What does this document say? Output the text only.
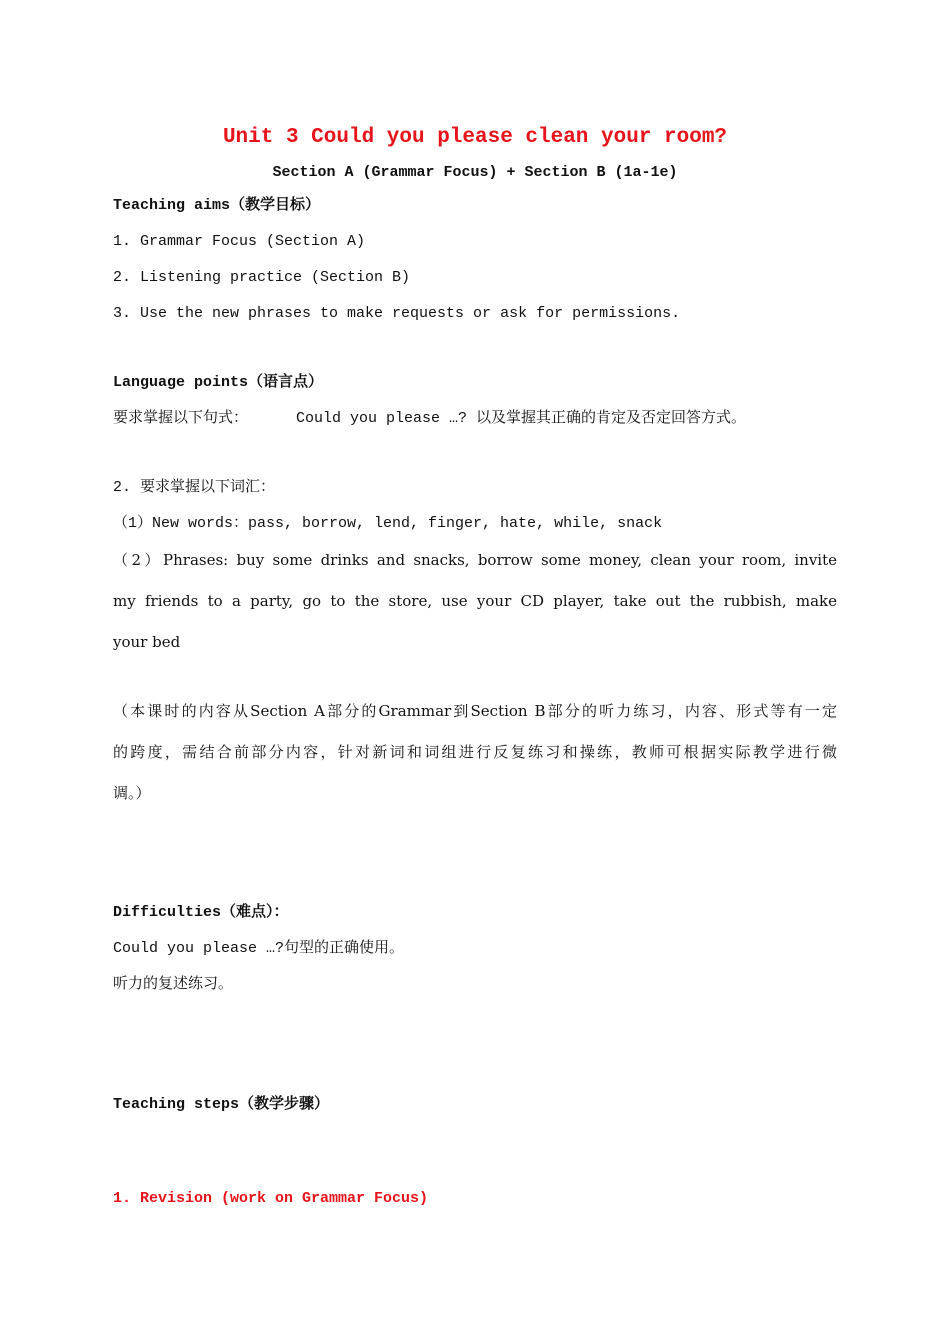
Unit 3 Could you please clean your room?
Section A (Grammar Focus) + Section B (1a-1e)
Teaching aims（教学目标）
1. Grammar Focus (Section A)
2. Listening practice (Section B)
3. Use the new phrases to make requests or ask for permissions.
Language points（语言点）
要求掌握以下句式：	Could you please …? 以及掌握其正确的肯定及否定回答方式。
2. 要求掌握以下词汇：
（1）New words：pass, borrow, lend, finger, hate, while, snack
（2）Phrases: buy some drinks and snacks, borrow some money, clean your room, invite
my friends to a party, go to the store, use your CD player, take out the rubbish, make
your bed
（本课时的内容从Section A部分的Grammar到Section B部分的听力练习，内容、形式等有一定
的跨度，需结合前部分内容，针对新词和词组进行反复练习和操练，教师可根据实际教学进行微
调。）
Difficulties（难点）：
Could you please …?句型的正确使用。
听力的复述练习。
Teaching steps（教学步骤）
1. Revision (work on Grammar Focus)
